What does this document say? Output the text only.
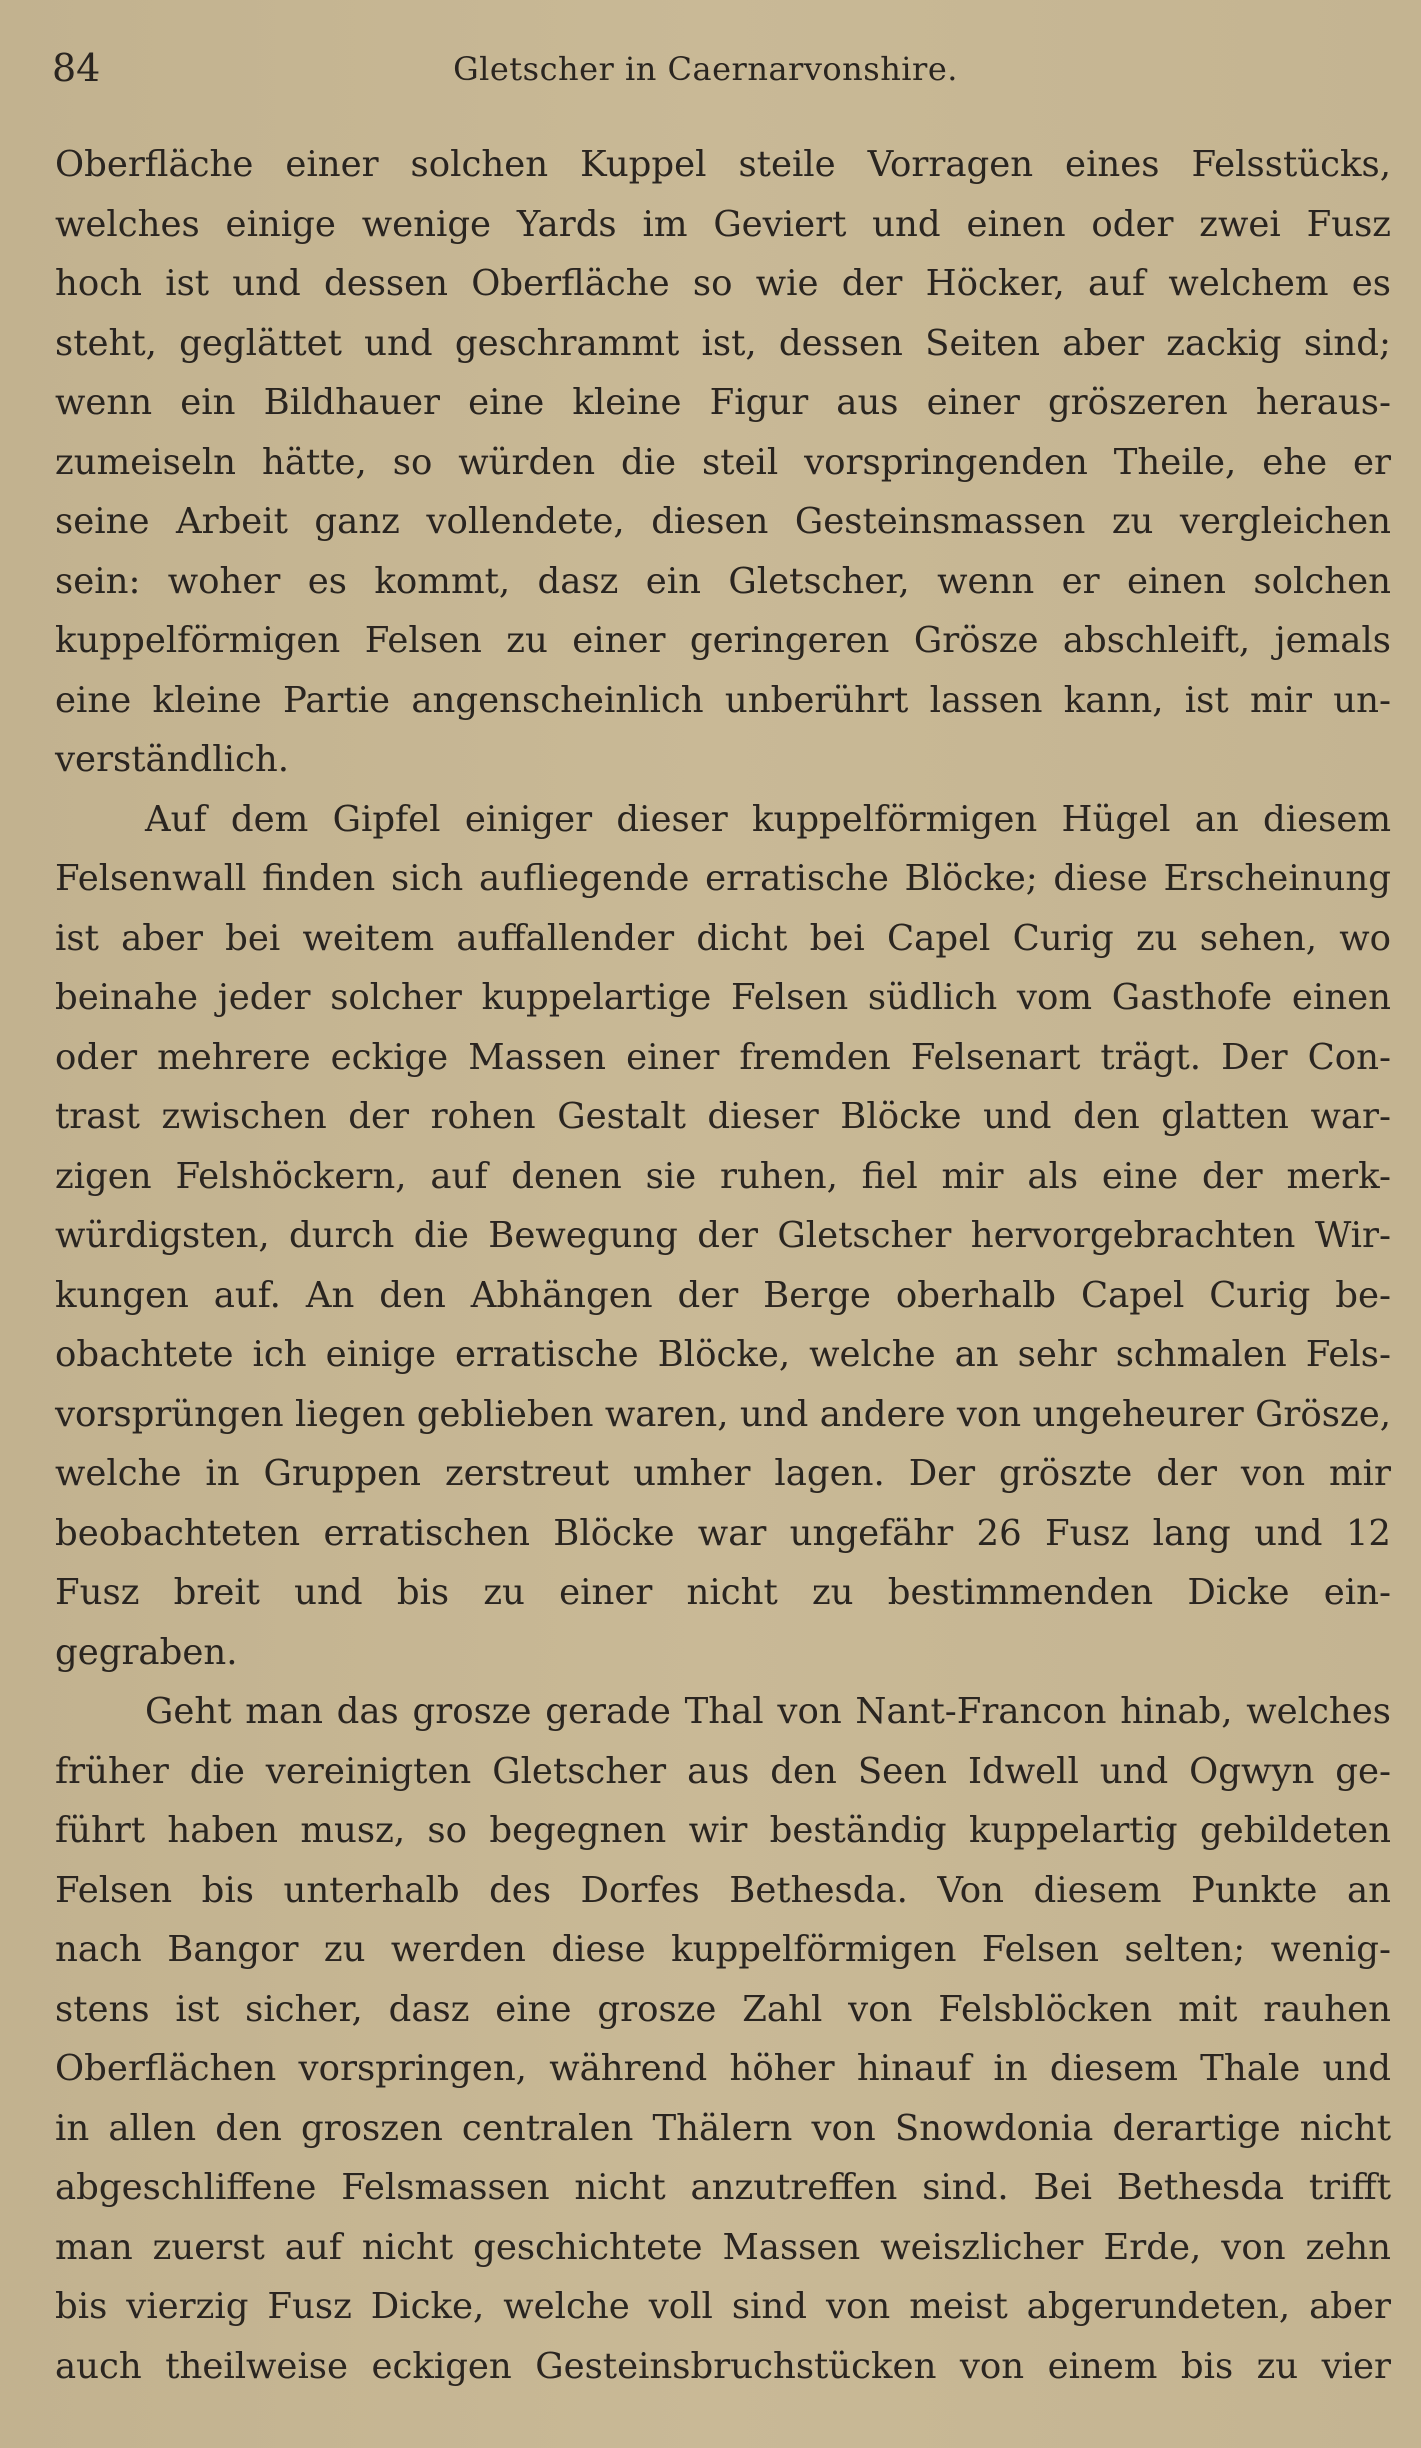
84	Gletscher in Caernarvonshire.
Oberfläche einer solchen Kuppel steile Vorragen eines Felsstücks,
welches einige wenige Yards im Geviert und einen oder zwei Fusz
hoch ist und dessen Oberfläche so wie der Höcker, auf welchem es
steht, geglättet und geschrammt ist, dessen Seiten aber zackig sind;
wenn ein Bildhauer eine kleine Figur aus einer gröszeren heraus-
zumeiseln hätte, so würden die steil vorspringenden Theile, ehe er
seine Arbeit ganz vollendete, diesen Gesteinsmassen zu vergleichen
sein: woher es kommt, dasz ein Gletscher, wenn er einen solchen
kuppelförmigen Felsen zu einer geringeren Grösze abschleift, jemals
eine kleine Partie angenscheinlich unberührt lassen kann, ist mir un-
verständlich.
Auf dem Gipfel einiger dieser kuppelförmigen Hügel an diesem
Felsenwall finden sich aufliegende erratische Blöcke; diese Erscheinung
ist aber bei weitem auffallender dicht bei Capel Curig zu sehen, wo
beinahe jeder solcher kuppelartige Felsen südlich vom Gasthofe einen
oder mehrere eckige Massen einer fremden Felsenart trägt. Der Con-
trast zwischen der rohen Gestalt dieser Blöcke und den glatten war-
zigen Felshöckern, auf denen sie ruhen, fiel mir als eine der merk-
würdigsten, durch die Bewegung der Gletscher hervorgebrachten Wir-
kungen auf. An den Abhängen der Berge oberhalb Capel Curig be-
obachtete ich einige erratische Blöcke, welche an sehr schmalen Fels-
vorsprüngen liegen geblieben waren, und andere von ungeheurer Grösze,
welche in Gruppen zerstreut umher lagen. Der gröszte der von mir
beobachteten erratischen Blöcke war ungefähr 26 Fusz lang und 12
Fusz breit und bis zu einer nicht zu bestimmenden Dicke ein-
gegraben.
Geht man das grosze gerade Thal von Nant-Francon hinab, welches
früher die vereinigten Gletscher aus den Seen Idwell und Ogwyn ge-
führt haben musz, so begegnen wir beständig kuppelartig gebildeten
Felsen bis unterhalb des Dorfes Bethesda. Von diesem Punkte an
nach Bangor zu werden diese kuppelförmigen Felsen selten; wenig-
stens ist sicher, dasz eine grosze Zahl von Felsblöcken mit rauhen
Oberflächen vorspringen, während höher hinauf in diesem Thale und
in allen den groszen centralen Thälern von Snowdonia derartige nicht
abgeschliffene Felsmassen nicht anzutreffen sind. Bei Bethesda trifft
man zuerst auf nicht geschichtete Massen weiszlicher Erde, von zehn
bis vierzig Fusz Dicke, welche voll sind von meist abgerundeten, aber
auch theilweise eckigen Gesteinsbruchstücken von einem bis zu vier
